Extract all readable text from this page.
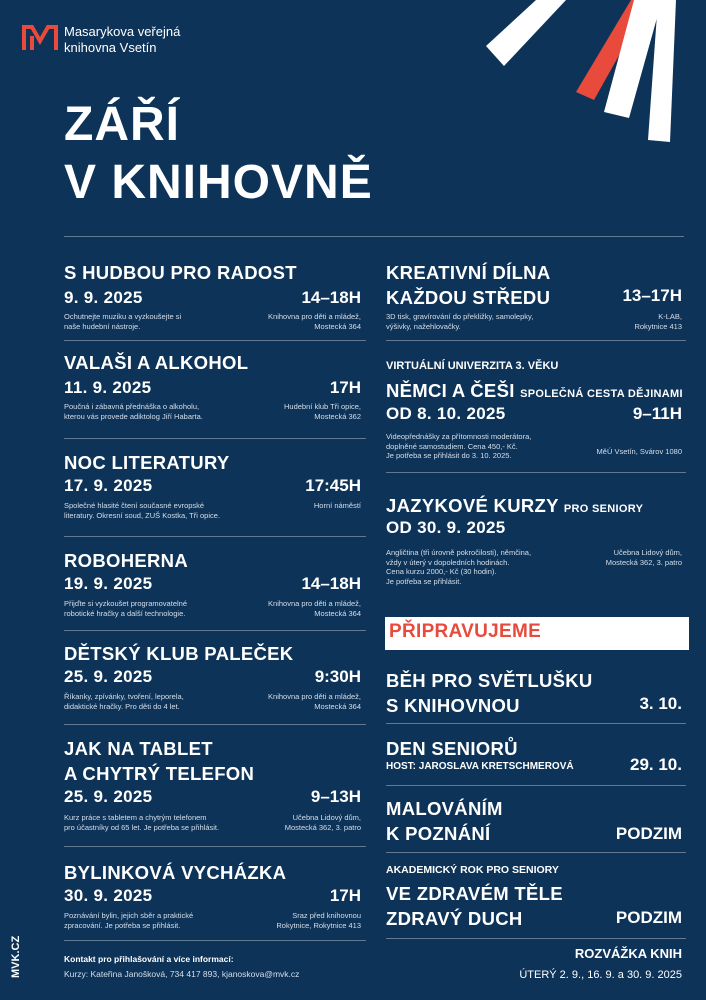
Masarykova veřejná
knihovna Vsetín
ZÁŘÍ
V KNIHOVNĚ
S HUDBOU PRO RADOST
9. 9. 2025	14–18H
Ochutnejte muziku a vyzkoušejte si
naše hudební nástroje.
Knihovna pro děti a mládež,
Mostecká 364
VALAŠI A ALKOHOL
11. 9. 2025	17H
Poučná i zábavná přednáška o alkoholu,
kterou vás provede adiktolog Jiří Habarta.
Hudební klub Tři opice,
Mostecká 362
NOC LITERATURY
17. 9. 2025	17:45H
Společné hlasité čtení současné evropské
literatury. Okresní soud, ZUŠ Kostka, Tři opice.
Horní náměstí
ROBOHERNA
19. 9. 2025	14–18H
Přijďte si vyzkoušet programovatelné
robotické hračky a další technologie.
Knihovna pro děti a mládež,
Mostecká 364
DĚTSKÝ KLUB PALEČEK
25. 9. 2025	9:30H
Říkanky, zpívánky, tvoření, leporela,
didaktické hračky. Pro děti do 4 let.
Knihovna pro děti a mládež,
Mostecká 364
JAK NA TABLET
A CHYTRÝ TELEFON
25. 9. 2025	9–13H
Kurz práce s tabletem a chytrým telefonem
pro účastníky od 65 let. Je potřeba se přihlásit.
Učebna Lidový dům,
Mostecká 362, 3. patro
BYLINKOVÁ VYCHÁZKA
30. 9. 2025	17H
Poznávání bylin, jejich sběr a praktické
zpracování. Je potřeba se přihlásit.
Sraz před knihovnou
Rokytnice, Rokytnice 413
KREATIVNÍ DÍLNA
KAŽDOU STŘEDU	13–17H
3D tisk, gravírování do překližky, samolepky,
výšivky, nažehlovačky.
K-LAB,
Rokytnice 413
VIRTUÁLNÍ UNIVERZITA 3. VĚKU
NĚMCI A ČEŠI SPOLEČNÁ CESTA DĚJINAMI
OD 8. 10. 2025	9–11H
Videopřednášky za přítomnosti moderátora,
doplněné samostudiem. Cena 450,- Kč.
Je potřeba se přihlásit do 3. 10. 2025.	MěÚ Vsetín, Svárov 1080
JAZYKOVÉ KURZY PRO SENIORY
OD 30. 9. 2025
Angličtina (tři úrovně pokročilosti), němčina,
vždy v úterý v dopoledních hodinách.
Cena kurzu 2000,- Kč (30 hodin).
Je potřeba se přihlásit.
Učebna Lidový dům,
Mostecká 362, 3. patro
PŘIPRAVUJEME
BĚH PRO SVĚTLUŠKU
S KNIHOVNOU	3. 10.
DEN SENIORŮ
HOST: JAROSLAVA KRETSCHMEROVÁ	29. 10.
MALOVÁNÍM
K POZNÁNÍ	PODZIM
AKADEMICKÝ ROK PRO SENIORY
VE ZDRAVÉM TĚLE
ZDRAVÝ DUCH	PODZIM
Kontakt pro přihlašování a více informací:
Kurzy: Kateřina Janošková, 734 417 893, kjanoskova@mvk.cz
ROZVÁŽKA KNIH
ÚTERÝ 2. 9., 16. 9. a 30. 9. 2025
MVK.CZ
